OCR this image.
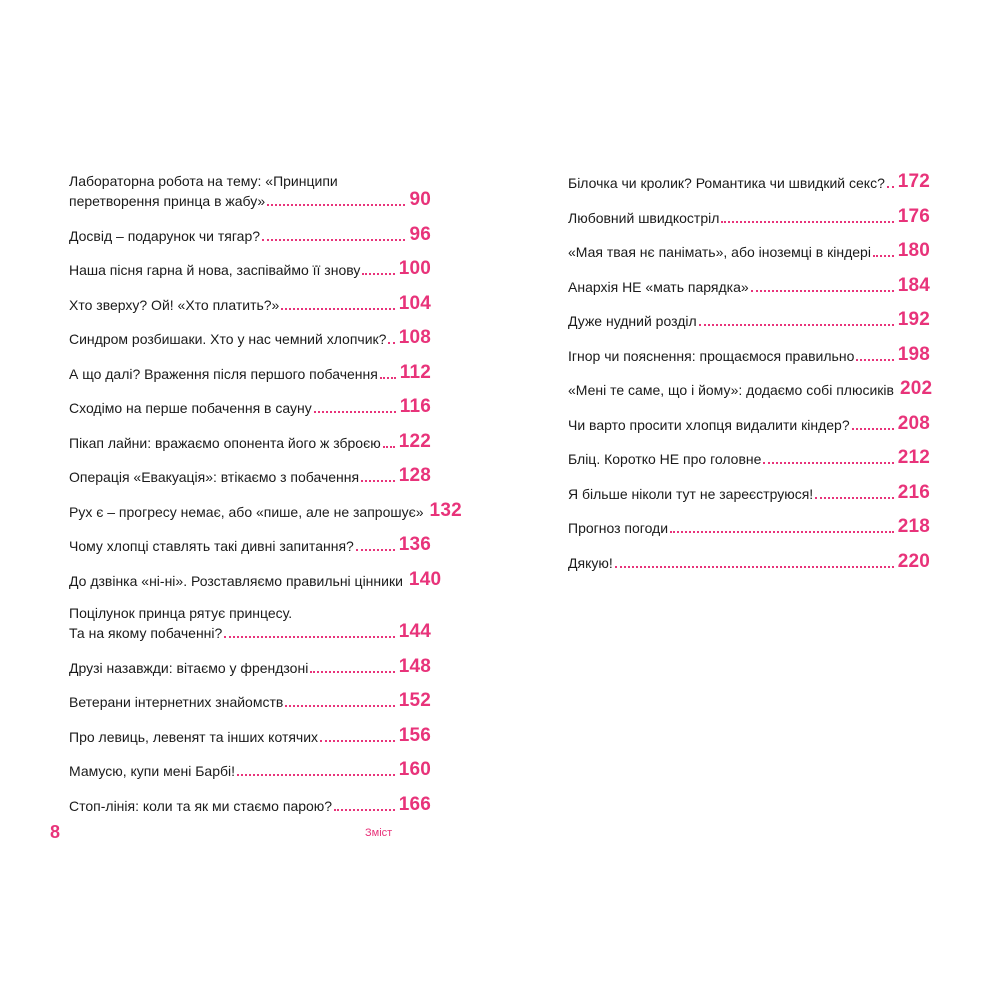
Лабораторна робота на тему: «Принципи
перетворення принца в жабу»	90
Досвід – подарунок чи тягар?	96
Наша пісня гарна й нова, заспіваймо її знову 100
Хто зверху? Ой! «Хто платить?»	104
Синдром розбишаки. Хто у нас чемний хлопчик? 108
А що далі? Враження після першого побачення 112
Сходімо на перше побачення в сауну	116
Пікап лайни: вражаємо опонента його ж зброєю 122
Операція «Евакуація»: втікаємо з побачення 128
Рух є – прогресу немає, або «пише, але не запрошує» 132
Чому хлопці ставлять такі дивні запитання? 136
До дзвінка «ні-ні». Розставляємо правильні цінники 140
Поцілунок принца рятує принцесу.
Та на якому побаченні?	144
Друзі назавжди: вітаємо у френдзоні	148
Ветерани інтернетних знайомств	152
Про левиць, левенят та інших котячих	156
Мамусю, купи мені Барбі!	160
Стоп-лінія: коли та як ми стаємо парою?	166
Білочка чи кролик? Романтика чи швидкий секс? 172
Любовний швидкостріл	176
«Мая твая нє панімать», або іноземці в кіндері 180
Анархія НЕ «мать парядка»	184
Дуже нудний розділ	192
Ігнор чи пояснення: прощаємося правильно 198
«Мені те саме, що і йому»: додаємо собі плюсиків 202
Чи варто просити хлопця видалити кіндер?	208
Бліц. Коротко НЕ про головне	212
Я більше ніколи тут не зареєструюся!	216
Прогноз погоди	218
Дякую!	220
8	Зміст
